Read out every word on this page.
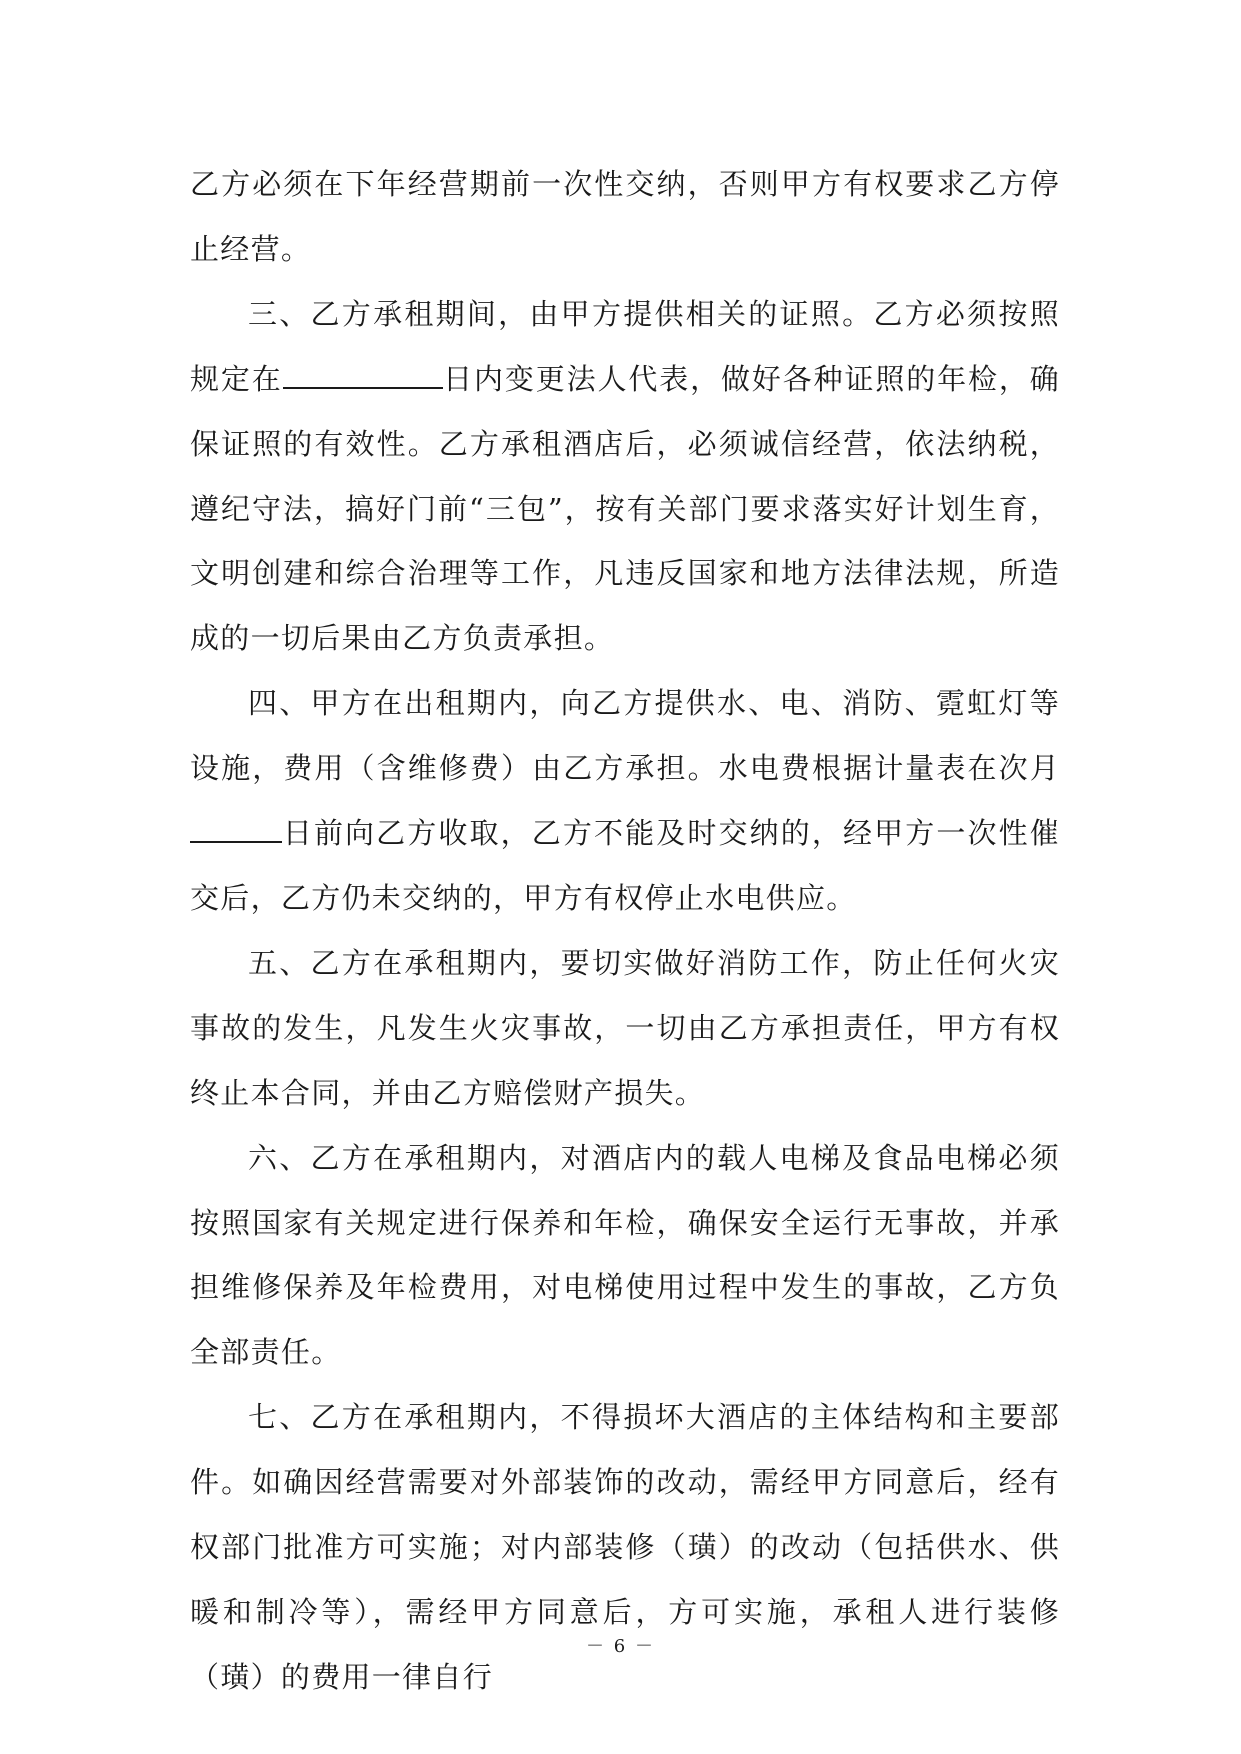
乙方必须在下年经营期前一次性交纳，否则甲方有权要求乙方停止经营。

三、乙方承租期间，由甲方提供相关的证照。乙方必须按照规定在	日内变更法人代表，做好各种证照的年检，确保证照的有效性。乙方承租酒店后，必须诚信经营，依法纳税，遵纪守法，搞好门前“三包”，按有关部门要求落实好计划生育，文明创建和综合治理等工作，凡违反国家和地方法律法规，所造成的一切后果由乙方负责承担。

四、甲方在出租期内，向乙方提供水、电、消防、霓虹灯等设施，费用（含维修费）由乙方承担。水电费根据计量表在次月日前向乙方收取，乙方不能及时交纳的，经甲方一次性催交后，乙方仍未交纳的，甲方有权停止水电供应。

五、乙方在承租期内，要切实做好消防工作，防止任何火灾事故的发生，凡发生火灾事故，一切由乙方承担责任，甲方有权终止本合同，并由乙方赔偿财产损失。

六、乙方在承租期内，对酒店内的载人电梯及食品电梯必须按照国家有关规定进行保养和年检，确保安全运行无事故，并承担维修保养及年检费用，对电梯使用过程中发生的事故，乙方负全部责任。

七、乙方在承租期内，不得损坏大酒店的主体结构和主要部件。如确因经营需要对外部装饰的改动，需经甲方同意后，经有权部门批准方可实施；对内部装修（璜）的改动（包括供水、供暖和制冷等），需经甲方同意后，方可实施，承租人进行装修（璜）的费用一律自行

－ 6 －
